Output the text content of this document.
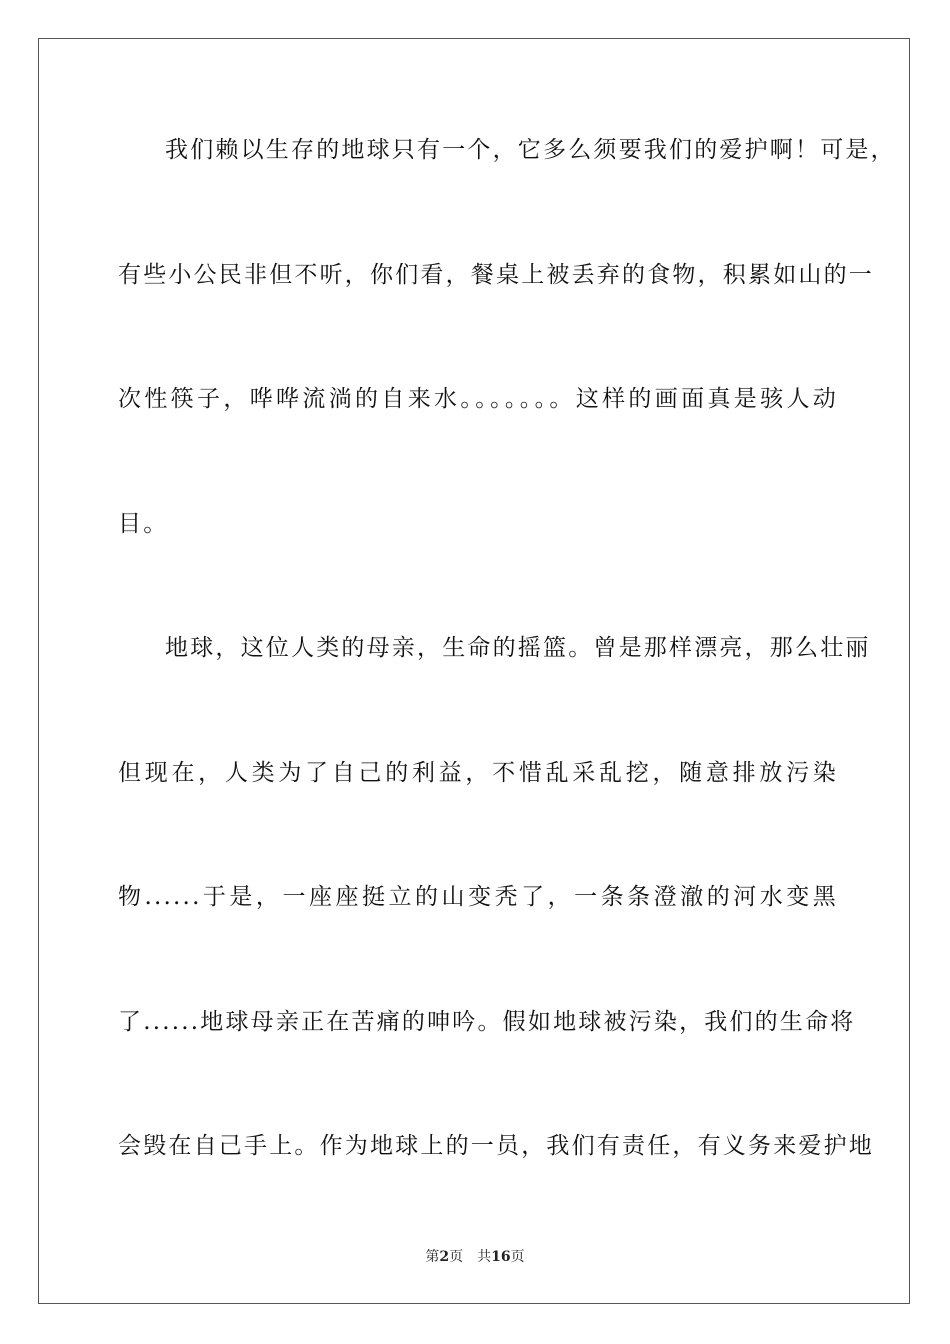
我们赖以生存的地球只有一个，它多么须要我们的爱护啊！可是，
有些小公民非但不听，你们看，餐桌上被丢弃的食物，积累如山的一
次性筷子，哗哗流淌的自来水。。。。。。。这样的画面真是骇人动
目。
地球，这位人类的母亲，生命的摇篮。曾是那样漂亮，那么壮丽
但现在，人类为了自己的利益，不惜乱采乱挖，随意排放污染
物......于是，一座座挺立的山变秃了，一条条澄澈的河水变黑
了......地球母亲正在苦痛的呻吟。假如地球被污染，我们的生命将
会毁在自己手上。作为地球上的一员，我们有责任，有义务来爱护地
第2页　共16页
